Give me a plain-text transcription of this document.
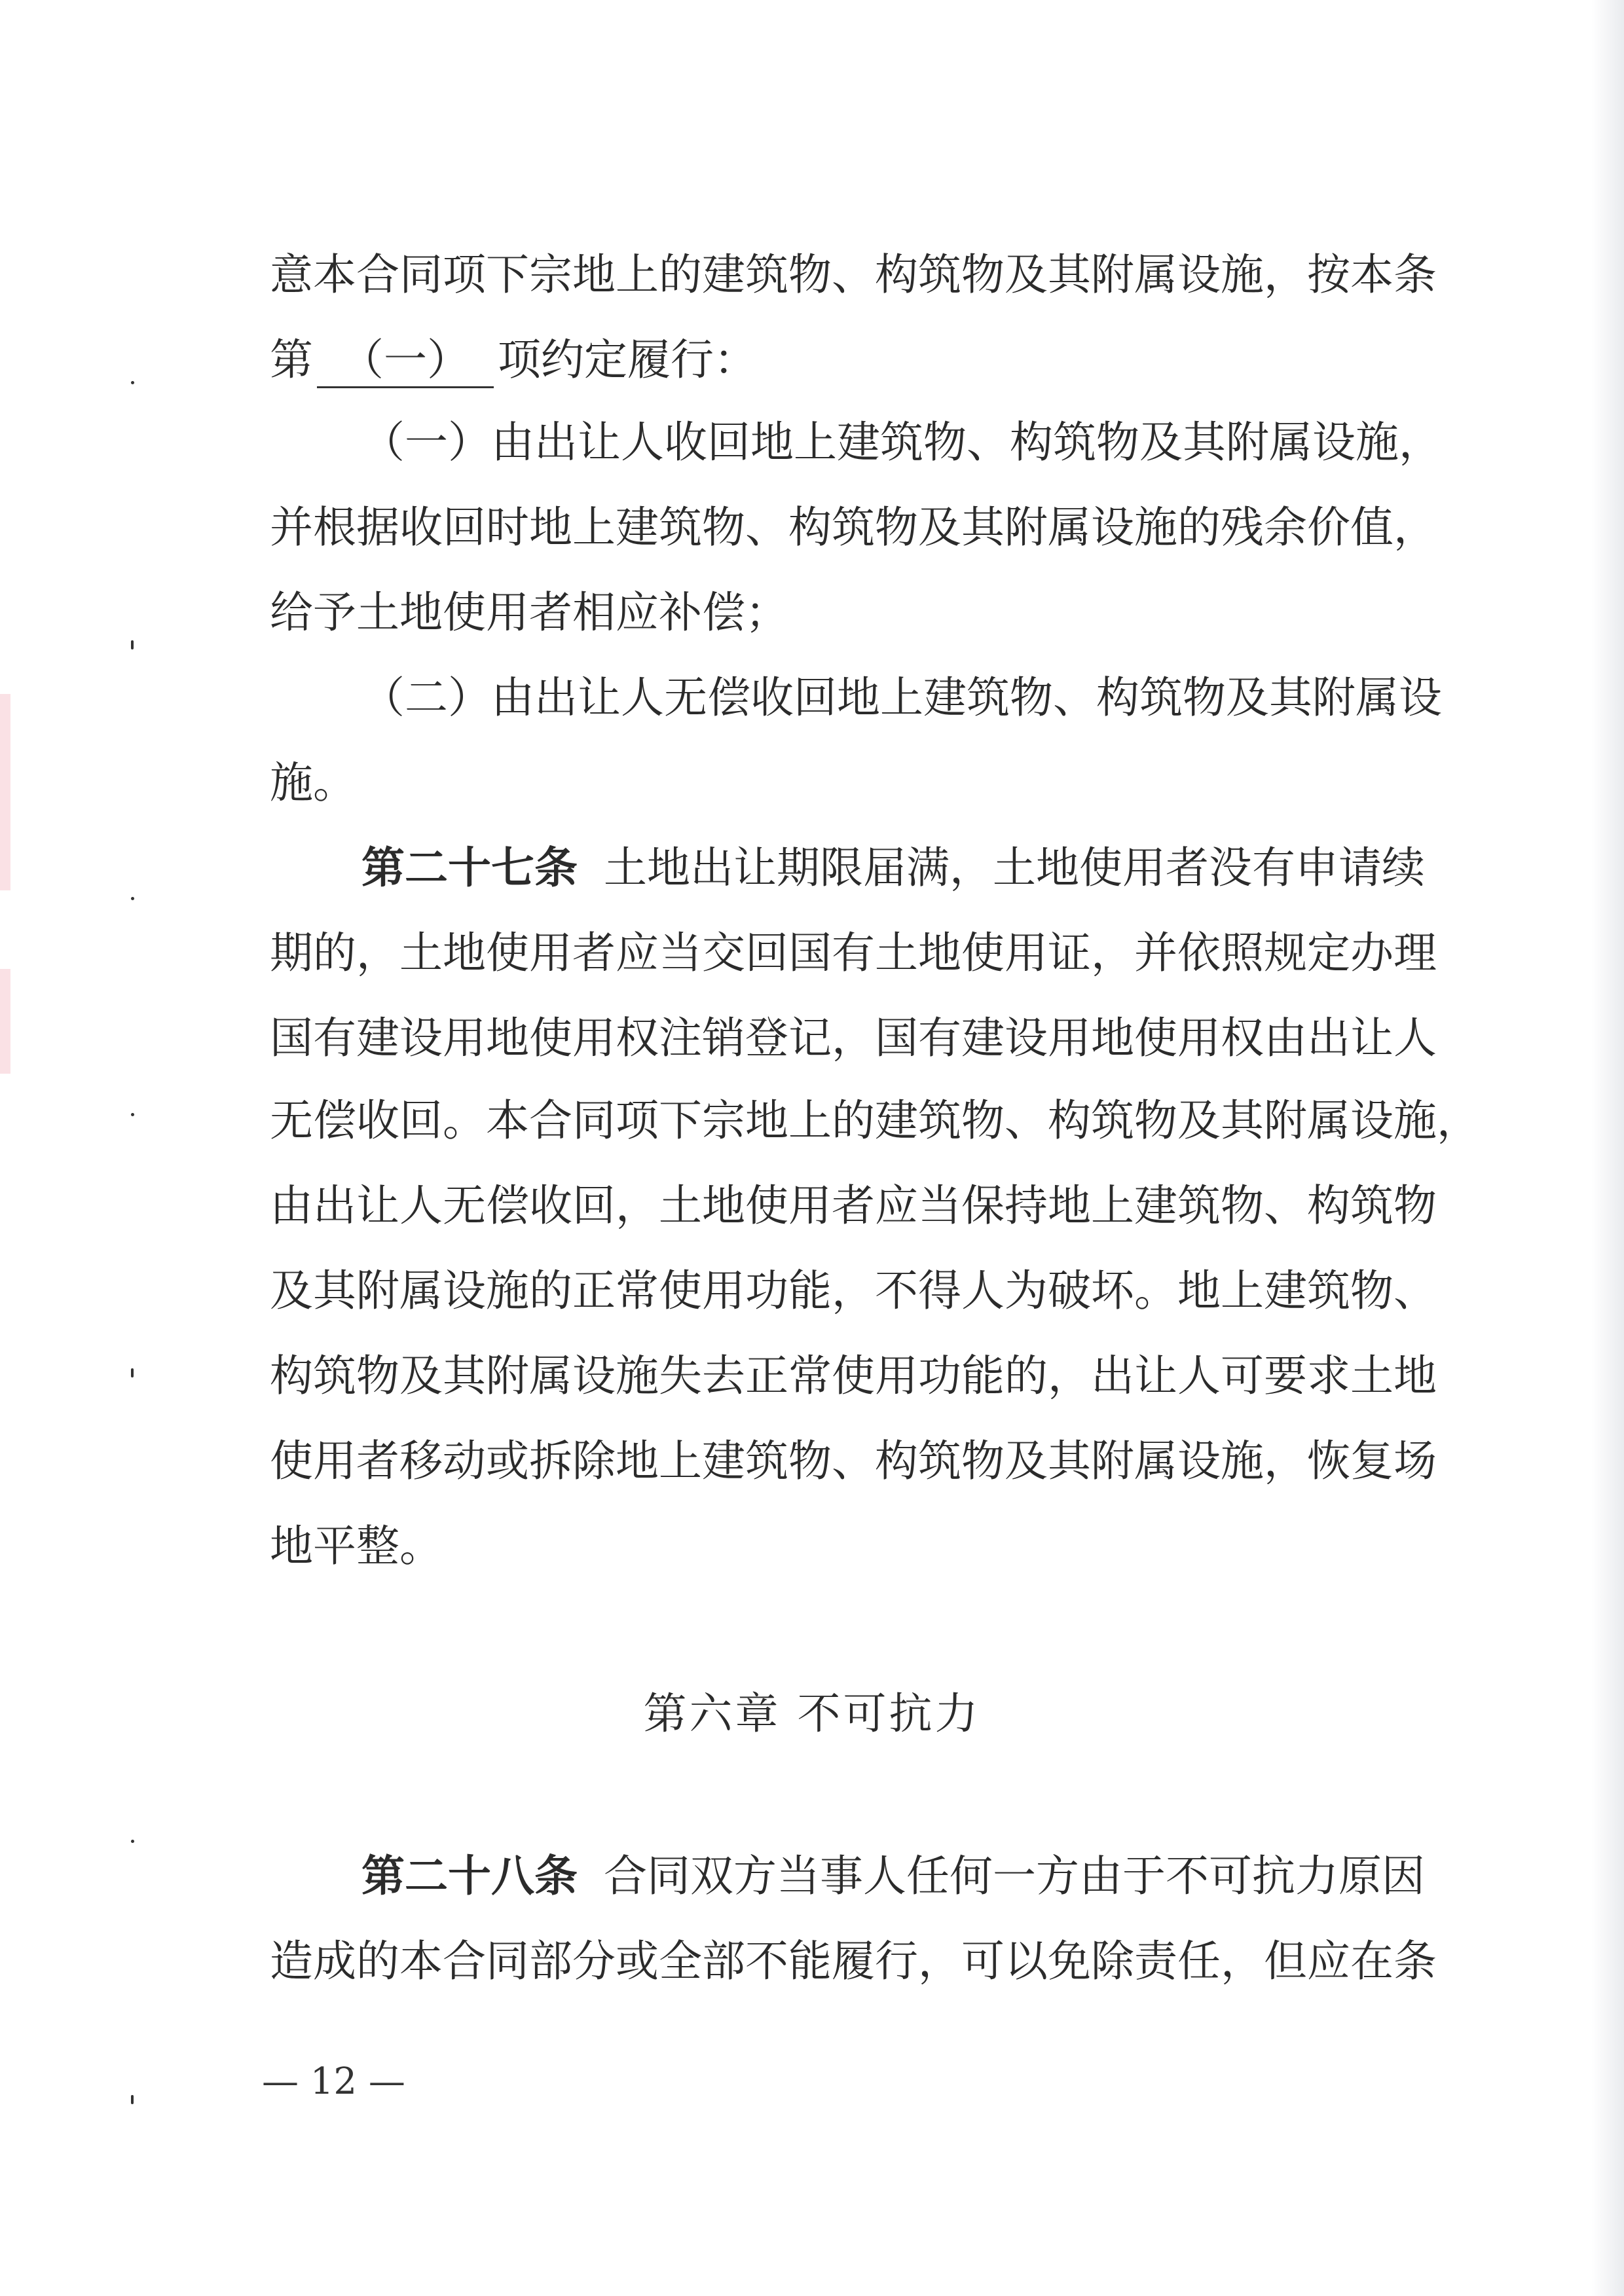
意本合同项下宗地上的建筑物、构筑物及其附属设施，按本条
第 （一） 项约定履行：
（一）由出让人收回地上建筑物、构筑物及其附属设施，
并根据收回时地上建筑物、构筑物及其附属设施的残余价值，
给予土地使用者相应补偿；
（二）由出让人无偿收回地上建筑物、构筑物及其附属设
施。
第二十七条 土地出让期限届满，土地使用者没有申请续
期的，土地使用者应当交回国有土地使用证，并依照规定办理
国有建设用地使用权注销登记，国有建设用地使用权由出让人
无偿收回。本合同项下宗地上的建筑物、构筑物及其附属设施，
由出让人无偿收回，土地使用者应当保持地上建筑物、构筑物
及其附属设施的正常使用功能，不得人为破坏。地上建筑物、
构筑物及其附属设施失去正常使用功能的，出让人可要求土地
使用者移动或拆除地上建筑物、构筑物及其附属设施，恢复场
地平整。
第六章 不可抗力
第二十八条 合同双方当事人任何一方由于不可抗力原因
造成的本合同部分或全部不能履行，可以免除责任，但应在条
— 12 —
